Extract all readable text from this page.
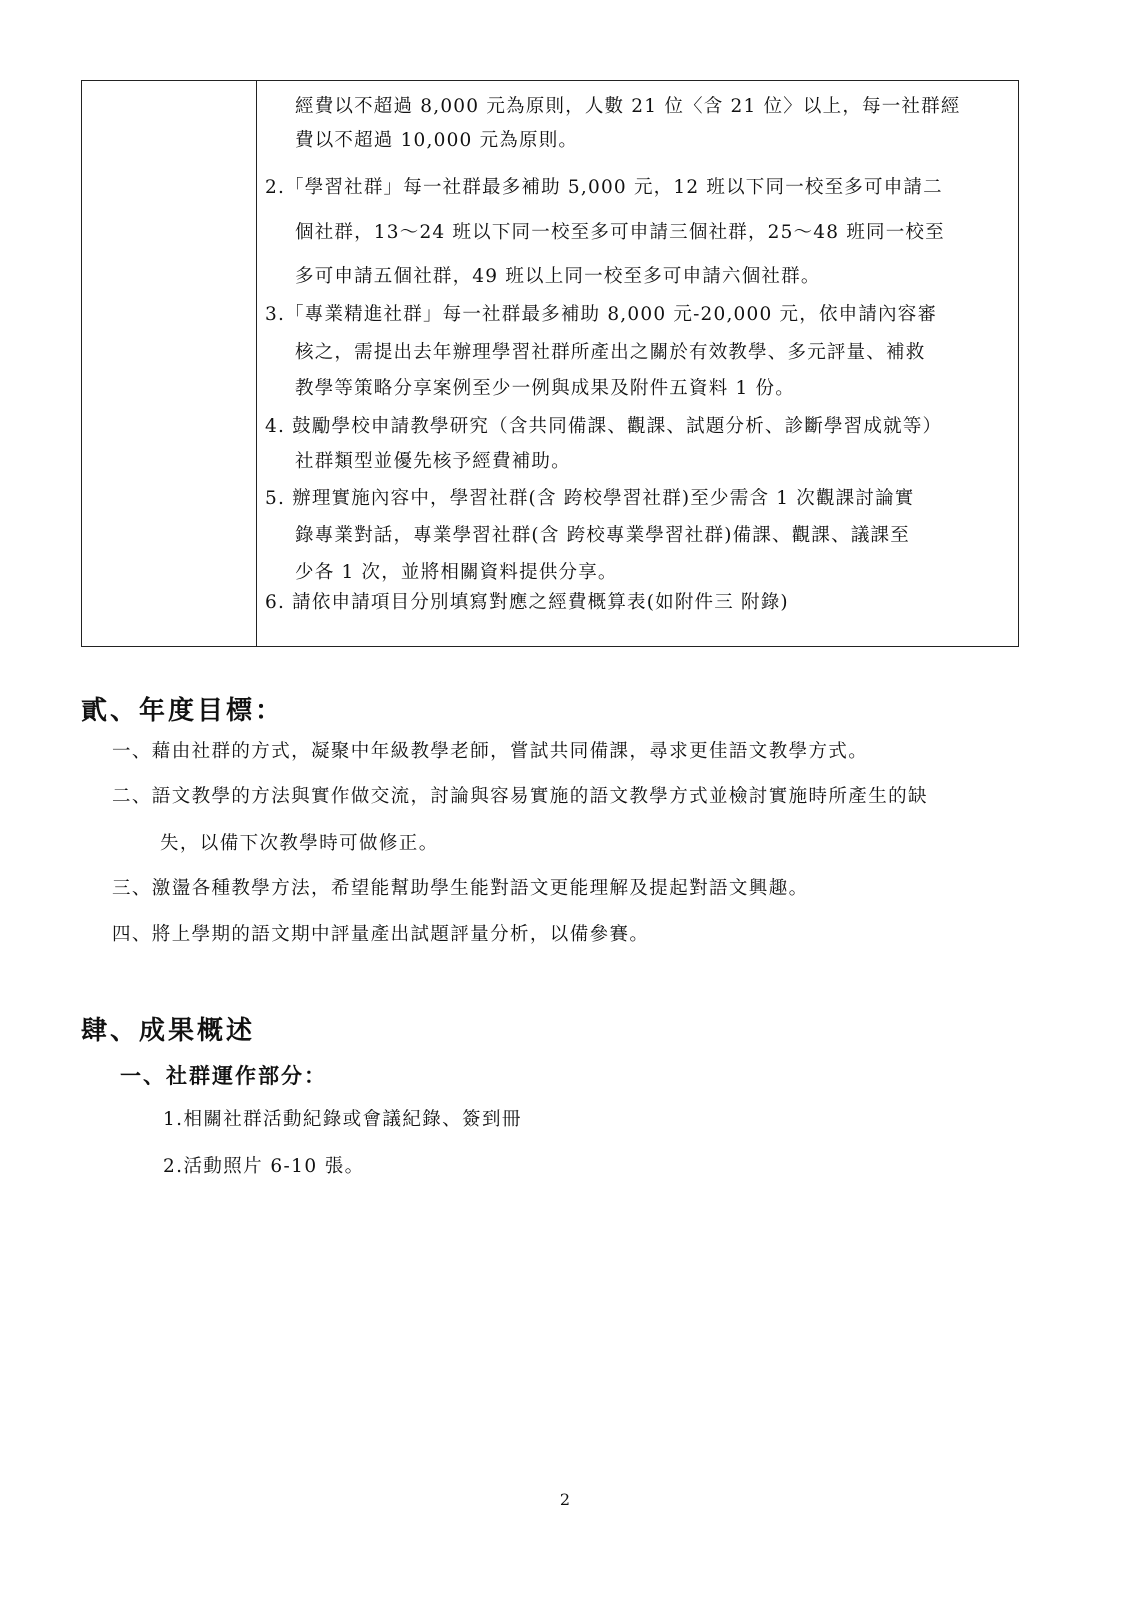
經費以不超過 8,000 元為原則，人數 21 位〈含 21 位〉以上，每一社群經
費以不超過 10,000 元為原則。
2.「學習社群」每一社群最多補助 5,000 元，12 班以下同一校至多可申請二
個社群，13～24 班以下同一校至多可申請三個社群，25～48 班同一校至
多可申請五個社群，49 班以上同一校至多可申請六個社群。
3.「專業精進社群」每一社群最多補助 8,000 元-20,000 元，依申請內容審
核之，需提出去年辦理學習社群所產出之關於有效教學、多元評量、補救
教學等策略分享案例至少一例與成果及附件五資料 1 份。
4. 鼓勵學校申請教學研究（含共同備課、觀課、試題分析、診斷學習成就等）
社群類型並優先核予經費補助。
5. 辦理實施內容中，學習社群(含 跨校學習社群)至少需含 1 次觀課討論實
錄專業對話，專業學習社群(含 跨校專業學習社群)備課、觀課、議課至
少各 1 次，並將相關資料提供分享。
6. 請依申請項目分別填寫對應之經費概算表(如附件三 附錄)
貳、年度目標：
一、藉由社群的方式，凝聚中年級教學老師，嘗試共同備課，尋求更佳語文教學方式。
二、語文教學的方法與實作做交流，討論與容易實施的語文教學方式並檢討實施時所產生的缺
失，以備下次教學時可做修正。
三、激盪各種教學方法，希望能幫助學生能對語文更能理解及提起對語文興趣。
四、將上學期的語文期中評量產出試題評量分析，以備參賽。
肆、成果概述
一、社群運作部分：
1.相關社群活動紀錄或會議紀錄、簽到冊
2.活動照片 6-10 張。
2
